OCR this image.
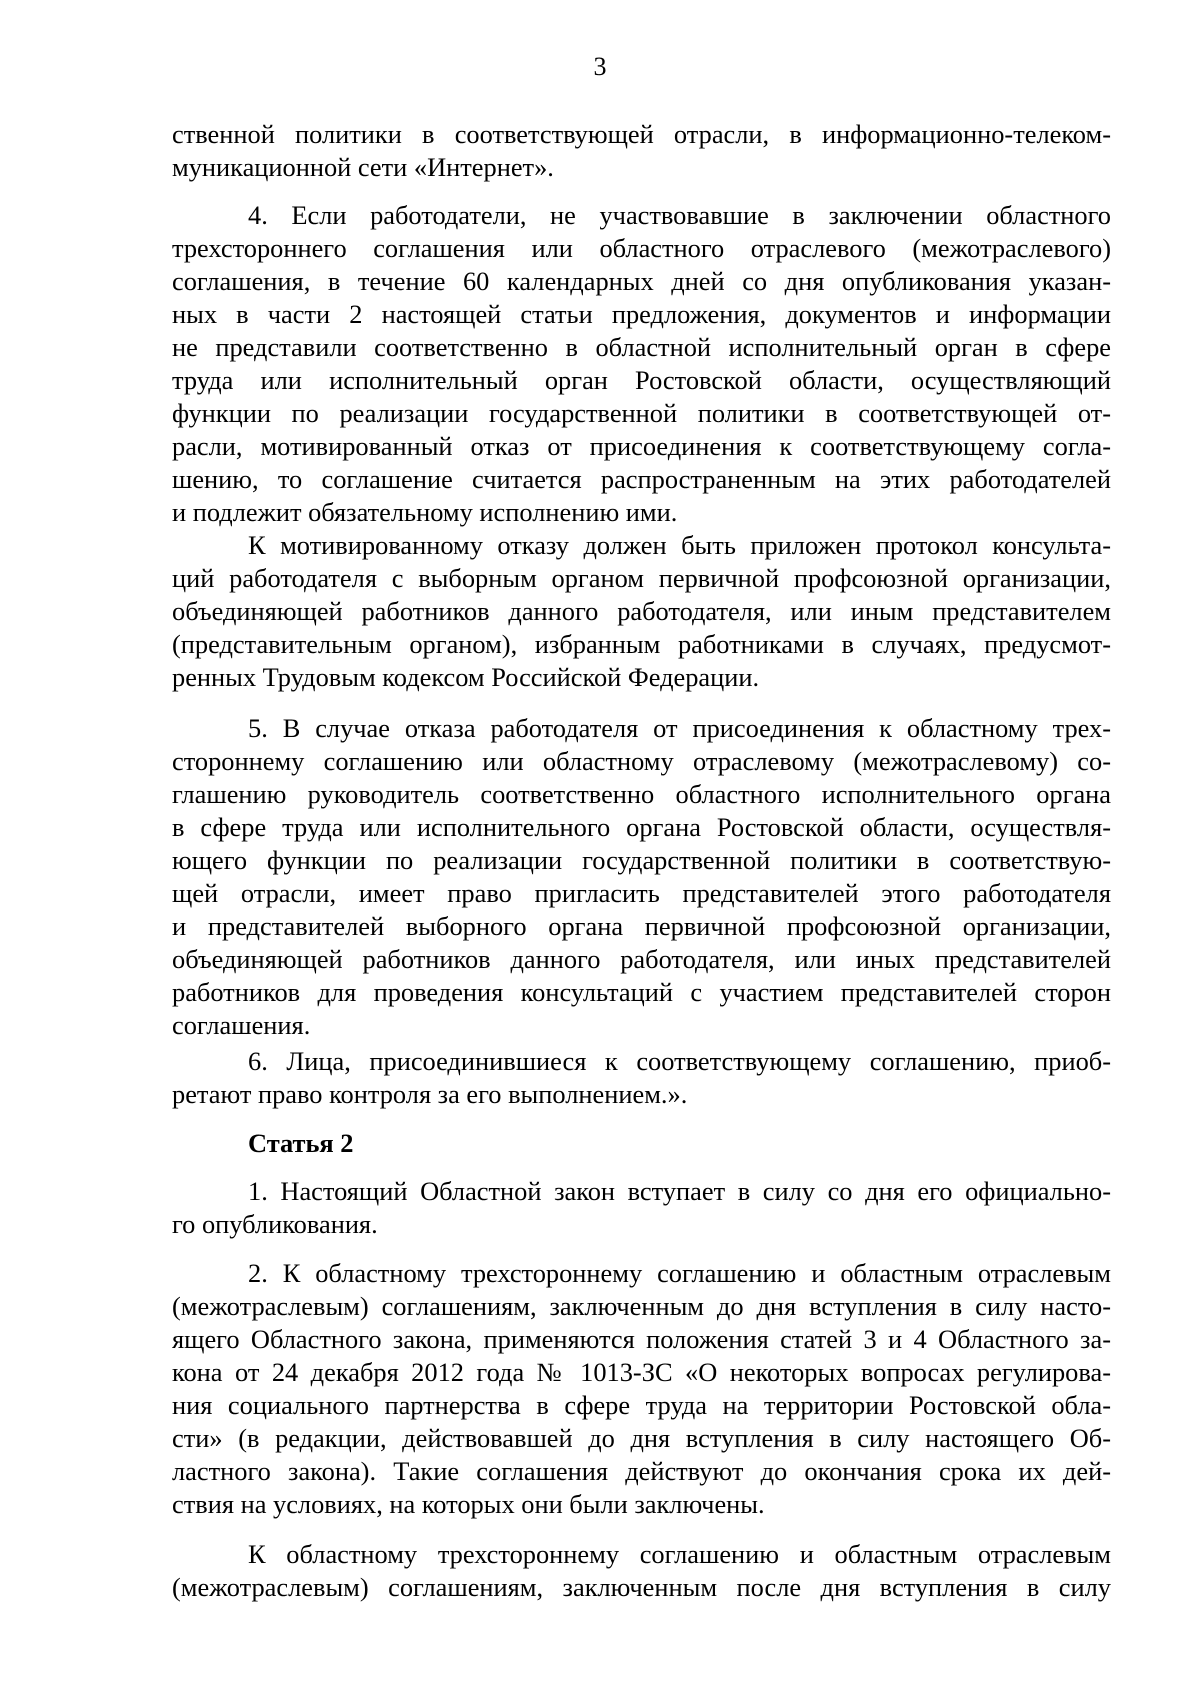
3
ственной политики в соответствующей отрасли, в информационно-телеком-
муникационной сети «Интернет».
4. Если работодатели, не участвовавшие в заключении областного
трехстороннего соглашения или областного отраслевого (межотраслевого)
соглашения, в течение 60 календарных дней со дня опубликования указан-
ных в части 2 настоящей статьи предложения, документов и информации
не представили соответственно в областной исполнительный орган в сфере
труда или исполнительный орган Ростовской области, осуществляющий
функции по реализации государственной политики в соответствующей от-
расли, мотивированный отказ от присоединения к соответствующему согла-
шению, то соглашение считается распространенным на этих работодателей
и подлежит обязательному исполнению ими.
К мотивированному отказу должен быть приложен протокол консульта-
ций работодателя с выборным органом первичной профсоюзной организации,
объединяющей работников данного работодателя, или иным представителем
(представительным органом), избранным работниками в случаях, предусмот-
ренных Трудовым кодексом Российской Федерации.
5. В случае отказа работодателя от присоединения к областному трех-
стороннему соглашению или областному отраслевому (межотраслевому) со-
глашению руководитель соответственно областного исполнительного органа
в сфере труда или исполнительного органа Ростовской области, осуществля-
ющего функции по реализации государственной политики в соответствую-
щей отрасли, имеет право пригласить представителей этого работодателя
и представителей выборного органа первичной профсоюзной организации,
объединяющей работников данного работодателя, или иных представителей
работников для проведения консультаций с участием представителей сторон
соглашения.
6. Лица, присоединившиеся к соответствующему соглашению, приоб-
ретают право контроля за его выполнением.».
Статья 2
1. Настоящий Областной закон вступает в силу со дня его официально-
го опубликования.
2. К областному трехстороннему соглашению и областным отраслевым
(межотраслевым) соглашениям, заключенным до дня вступления в силу насто-
ящего Областного закона, применяются положения статей 3 и 4 Областного за-
кона от 24 декабря 2012 года № 1013-ЗС «О некоторых вопросах регулирова-
ния социального партнерства в сфере труда на территории Ростовской обла-
сти» (в редакции, действовавшей до дня вступления в силу настоящего Об-
ластного закона). Такие соглашения действуют до окончания срока их дей-
ствия на условиях, на которых они были заключены.
К областному трехстороннему соглашению и областным отраслевым
(межотраслевым) соглашениям, заключенным после дня вступления в силу
